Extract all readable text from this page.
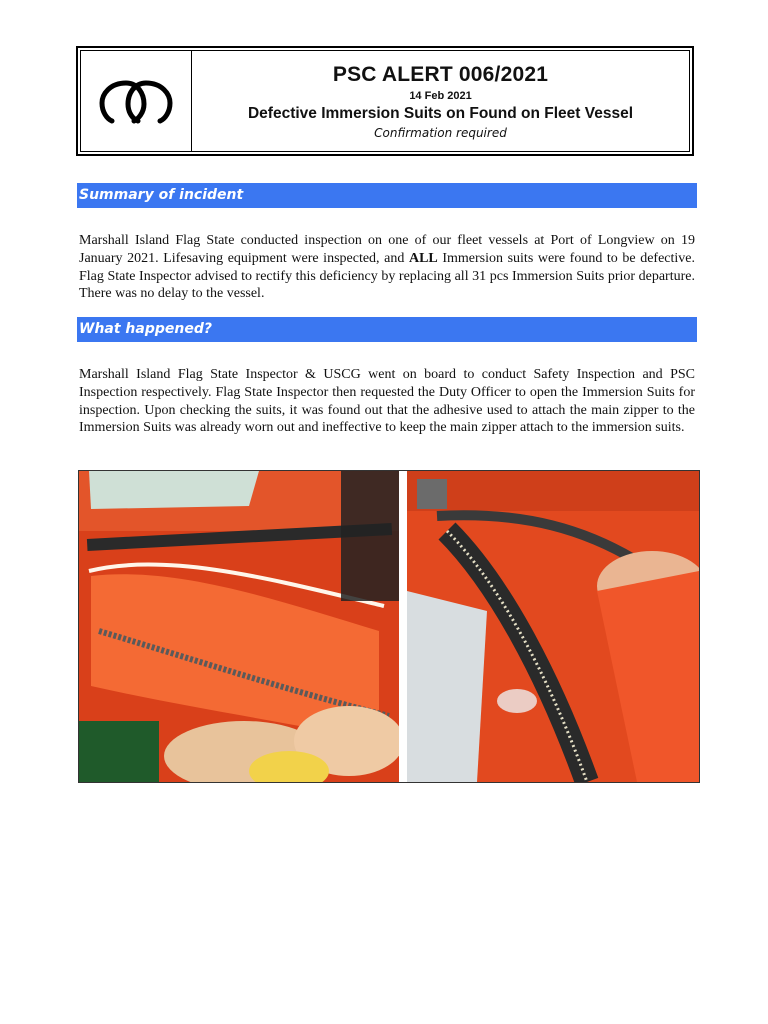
PSC ALERT 006/2021
14 Feb 2021
Defective Immersion Suits on Found on Fleet Vessel
Confirmation required
Summary of incident
Marshall Island Flag State conducted inspection on one of our fleet vessels at Port of Longview on 19 January 2021. Lifesaving equipment were inspected, and ALL Immersion suits were found to be defective. Flag State Inspector advised to rectify this deficiency by replacing all 31 pcs Immersion Suits prior departure. There was no delay to the vessel.
What happened?
Marshall Island Flag State Inspector & USCG went on board to conduct Safety Inspection and PSC Inspection respectively. Flag State Inspector then requested the Duty Officer to open the Immersion Suits for inspection. Upon checking the suits, it was found out that the adhesive used to attach the main zipper to the Immersion Suits was already worn out and ineffective to keep the main zipper attach to the immersion suits.
